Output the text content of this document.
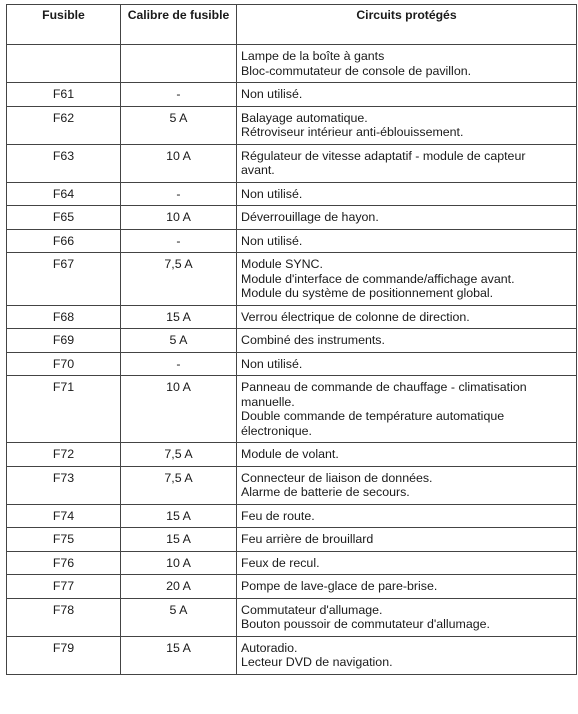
Fusible	Calibre de fusible	Circuits protégés

		Lampe de la boîte à gants
Bloc-commutateur de console de pavillon.

F61	-	Non utilisé.

F62	5 A	Balayage automatique.
Rétroviseur intérieur anti-éblouissement.

F63	10 A	Régulateur de vitesse adaptatif - module de capteur
avant.

F64	-	Non utilisé.

F65	10 A	Déverrouillage de hayon.

F66	-	Non utilisé.

F67	7,5 A	Module SYNC.
Module d'interface de commande/affichage avant.
Module du système de positionnement global.

F68	15 A	Verrou électrique de colonne de direction.

F69	5 A	Combiné des instruments.

F70	-	Non utilisé.

F71	10 A	Panneau de commande de chauffage - climatisation
manuelle.
Double commande de température automatique
électronique.

F72	7,5 A	Module de volant.

F73	7,5 A	Connecteur de liaison de données.
Alarme de batterie de secours.

F74	15 A	Feu de route.

F75	15 A	Feu arrière de brouillard

F76	10 A	Feux de recul.

F77	20 A	Pompe de lave-glace de pare-brise.

F78	5 A	Commutateur d'allumage.
Bouton poussoir de commutateur d'allumage.

F79	15 A	Autoradio.
Lecteur DVD de navigation.
